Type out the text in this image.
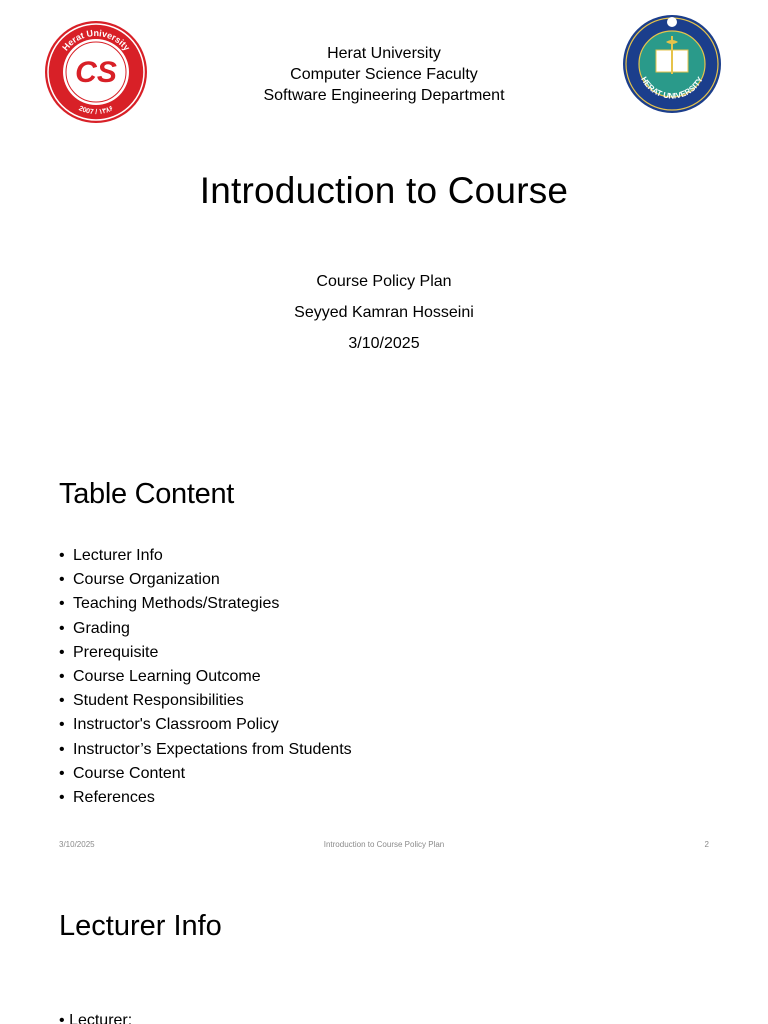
CS
Herat University
2007 / ۱۳۸۶
HERAT UNIVERSITY
Herat University
Computer Science Faculty
Software Engineering Department
Introduction to Course
Course Policy Plan
Seyyed Kamran Hosseini
3/10/2025
Table Content
• Lecturer Info
• Course Organization
• Teaching Methods/Strategies
• Grading
• Prerequisite
• Course Learning Outcome
• Student Responsibilities
• Instructor's Classroom Policy
• Instructor’s Expectations from Students
• Course Content
• References
3/10/2025	Introduction to Course Policy Plan	2
Lecturer Info
• Lecturer:
